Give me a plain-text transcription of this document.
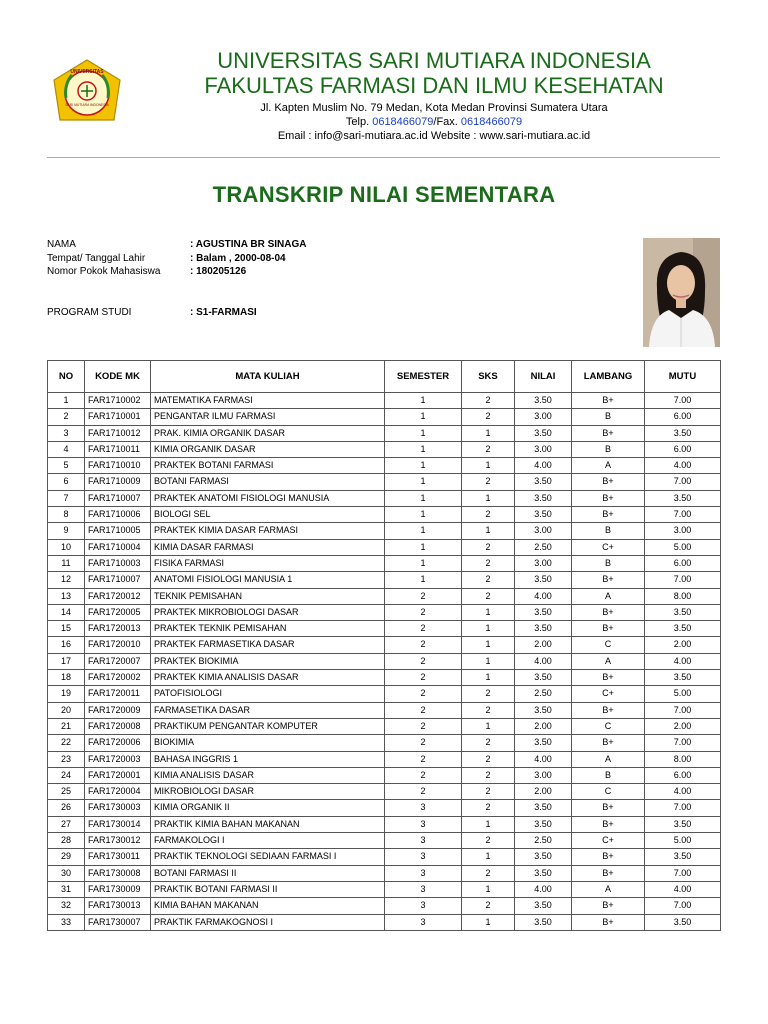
UNIVERSITAS
SARI MUTIARA INDONESIA
UNIVERSITAS SARI MUTIARA INDONESIA
FAKULTAS FARMASI DAN ILMU KESEHATAN
Jl. Kapten Muslim No. 79 Medan, Kota Medan Provinsi Sumatera Utara
Telp. 0618466079/Fax. 0618466079
Email : info@sari-mutiara.ac.id Website : www.sari-mutiara.ac.id
TRANSKRIP NILAI SEMENTARA
NAMA	: AGUSTINA BR SINAGA
Tempat/ Tanggal Lahir	: Balam , 2000-08-04
Nomor Pokok Mahasiswa	: 180205126
PROGRAM STUDI	: S1-FARMASI
NO	KODE MK	MATA KULIAH	SEMESTER	SKS	NILAI	LAMBANG	MUTU
1	FAR1710002	MATEMATIKA FARMASI	1	2	3.50	B+	7.00
2	FAR1710001	PENGANTAR ILMU FARMASI	1	2	3.00	B	6.00
3	FAR1710012	PRAK. KIMIA ORGANIK DASAR	1	1	3.50	B+	3.50
4	FAR1710011	KIMIA ORGANIK DASAR	1	2	3.00	B	6.00
5	FAR1710010	PRAKTEK BOTANI FARMASI	1	1	4.00	A	4.00
6	FAR1710009	BOTANI FARMASI	1	2	3.50	B+	7.00
7	FAR1710007	PRAKTEK ANATOMI FISIOLOGI MANUSIA	1	1	3.50	B+	3.50
8	FAR1710006	BIOLOGI SEL	1	2	3.50	B+	7.00
9	FAR1710005	PRAKTEK KIMIA DASAR FARMASI	1	1	3.00	B	3.00
10	FAR1710004	KIMIA DASAR FARMASI	1	2	2.50	C+	5.00
11	FAR1710003	FISIKA FARMASI	1	2	3.00	B	6.00
12	FAR1710007	ANATOMI FISIOLOGI MANUSIA 1	1	2	3.50	B+	7.00
13	FAR1720012	TEKNIK PEMISAHAN	2	2	4.00	A	8.00
14	FAR1720005	PRAKTEK MIKROBIOLOGI DASAR	2	1	3.50	B+	3.50
15	FAR1720013	PRAKTEK TEKNIK PEMISAHAN	2	1	3.50	B+	3.50
16	FAR1720010	PRAKTEK FARMASETIKA DASAR	2	1	2.00	C	2.00
17	FAR1720007	PRAKTEK BIOKIMIA	2	1	4.00	A	4.00
18	FAR1720002	PRAKTEK KIMIA ANALISIS DASAR	2	1	3.50	B+	3.50
19	FAR1720011	PATOFISIOLOGI	2	2	2.50	C+	5.00
20	FAR1720009	FARMASETIKA DASAR	2	2	3.50	B+	7.00
21	FAR1720008	PRAKTIKUM PENGANTAR KOMPUTER	2	1	2.00	C	2.00
22	FAR1720006	BIOKIMIA	2	2	3.50	B+	7.00
23	FAR1720003	BAHASA INGGRIS 1	2	2	4.00	A	8.00
24	FAR1720001	KIMIA ANALISIS DASAR	2	2	3.00	B	6.00
25	FAR1720004	MIKROBIOLOGI DASAR	2	2	2.00	C	4.00
26	FAR1730003	KIMIA ORGANIK II	3	2	3.50	B+	7.00
27	FAR1730014	PRAKTIK KIMIA BAHAN MAKANAN	3	1	3.50	B+	3.50
28	FAR1730012	FARMAKOLOGI I	3	2	2.50	C+	5.00
29	FAR1730011	PRAKTIK TEKNOLOGI SEDIAAN FARMASI I	3	1	3.50	B+	3.50
30	FAR1730008	BOTANI FARMASI II	3	2	3.50	B+	7.00
31	FAR1730009	PRAKTIK BOTANI FARMASI II	3	1	4.00	A	4.00
32	FAR1730013	KIMIA BAHAN MAKANAN	3	2	3.50	B+	7.00
33	FAR1730007	PRAKTIK FARMAKOGNOSI I	3	1	3.50	B+	3.50
